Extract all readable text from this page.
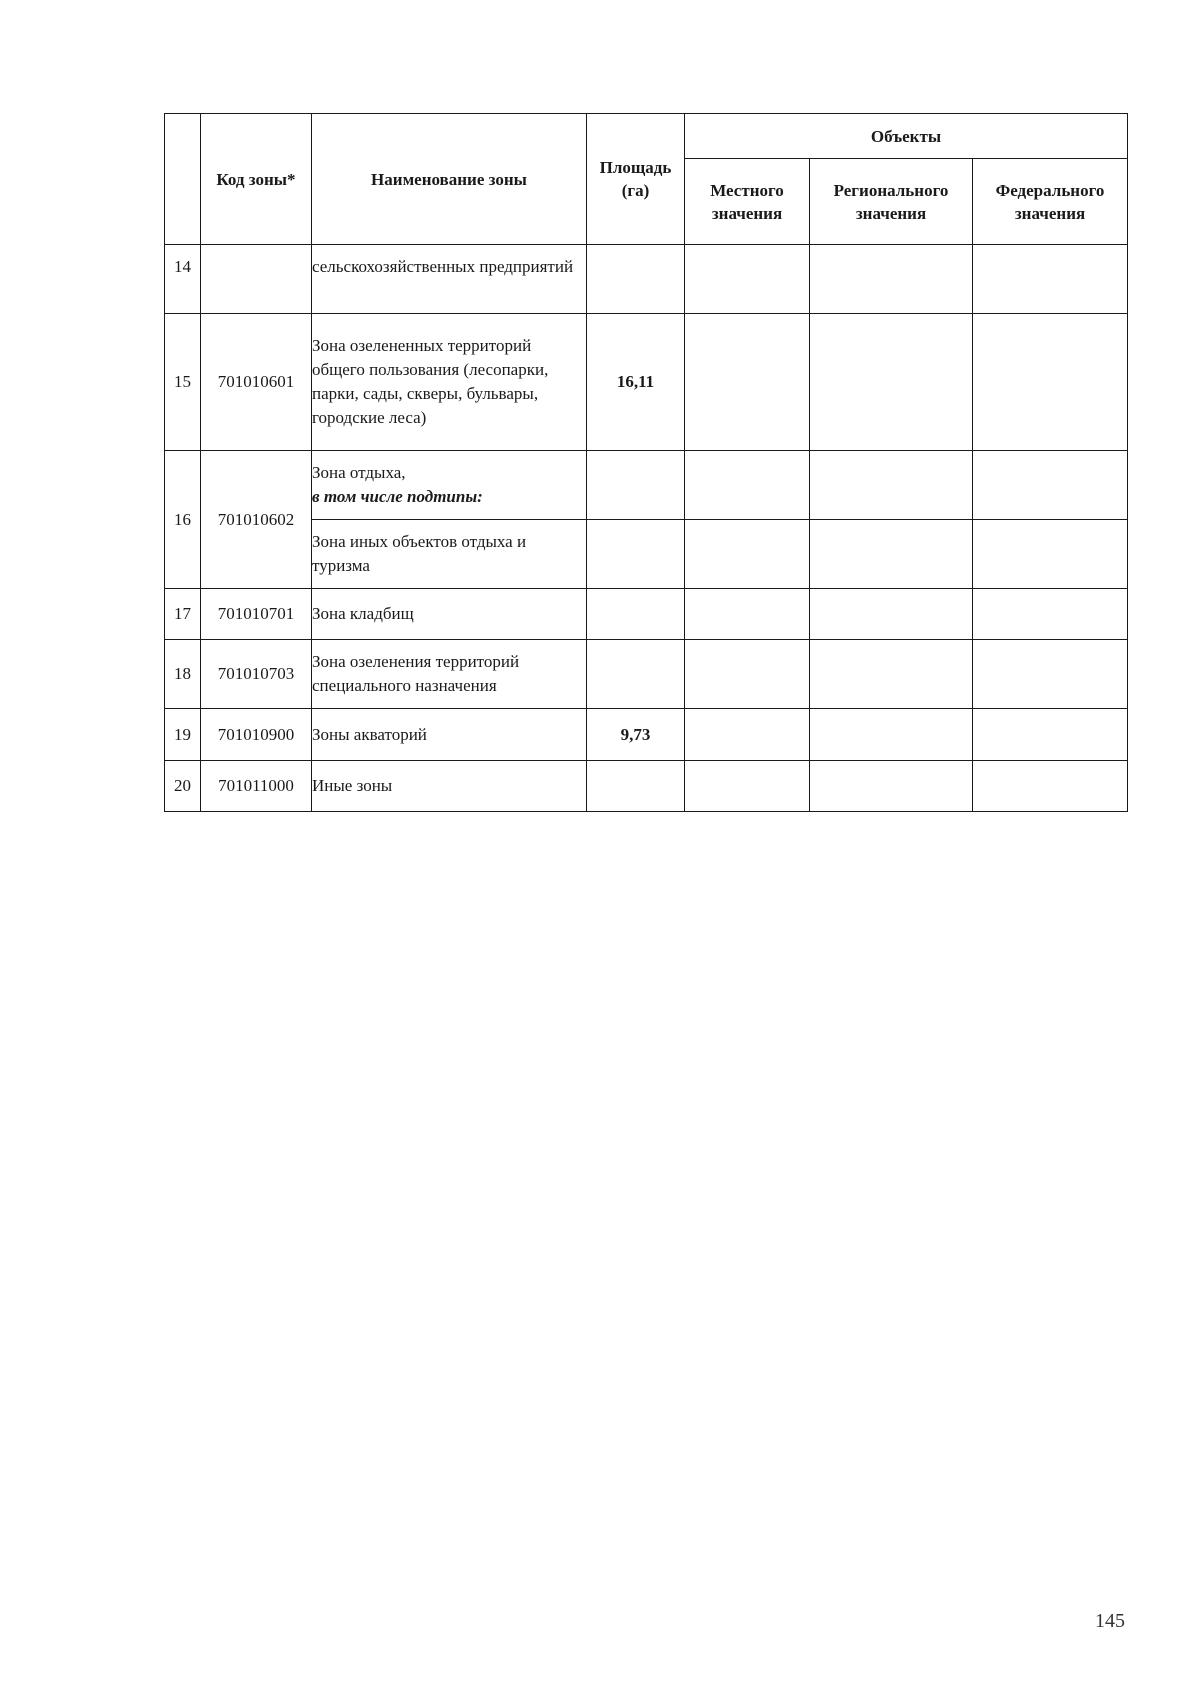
	Код зоны*	Наименование зоны	Площадь (га)	Объекты		
				Местного значения	Регионального значения	Федерального значения
14		сельскохозяйственных предприятий				
15	701010601	Зона озелененных территорий общего пользования (лесопарки, парки, сады, скверы, бульвары, городские леса)	16,11			
16	701010602	Зона отдыха,
в том числе подтипы:				
		Зона иных объектов отдыха и туризма				
17	701010701	Зона кладбищ				
18	701010703	Зона озеленения территорий специального назначения				
19	701010900	Зоны акваторий	9,73			
20	701011000	Иные зоны				
145
